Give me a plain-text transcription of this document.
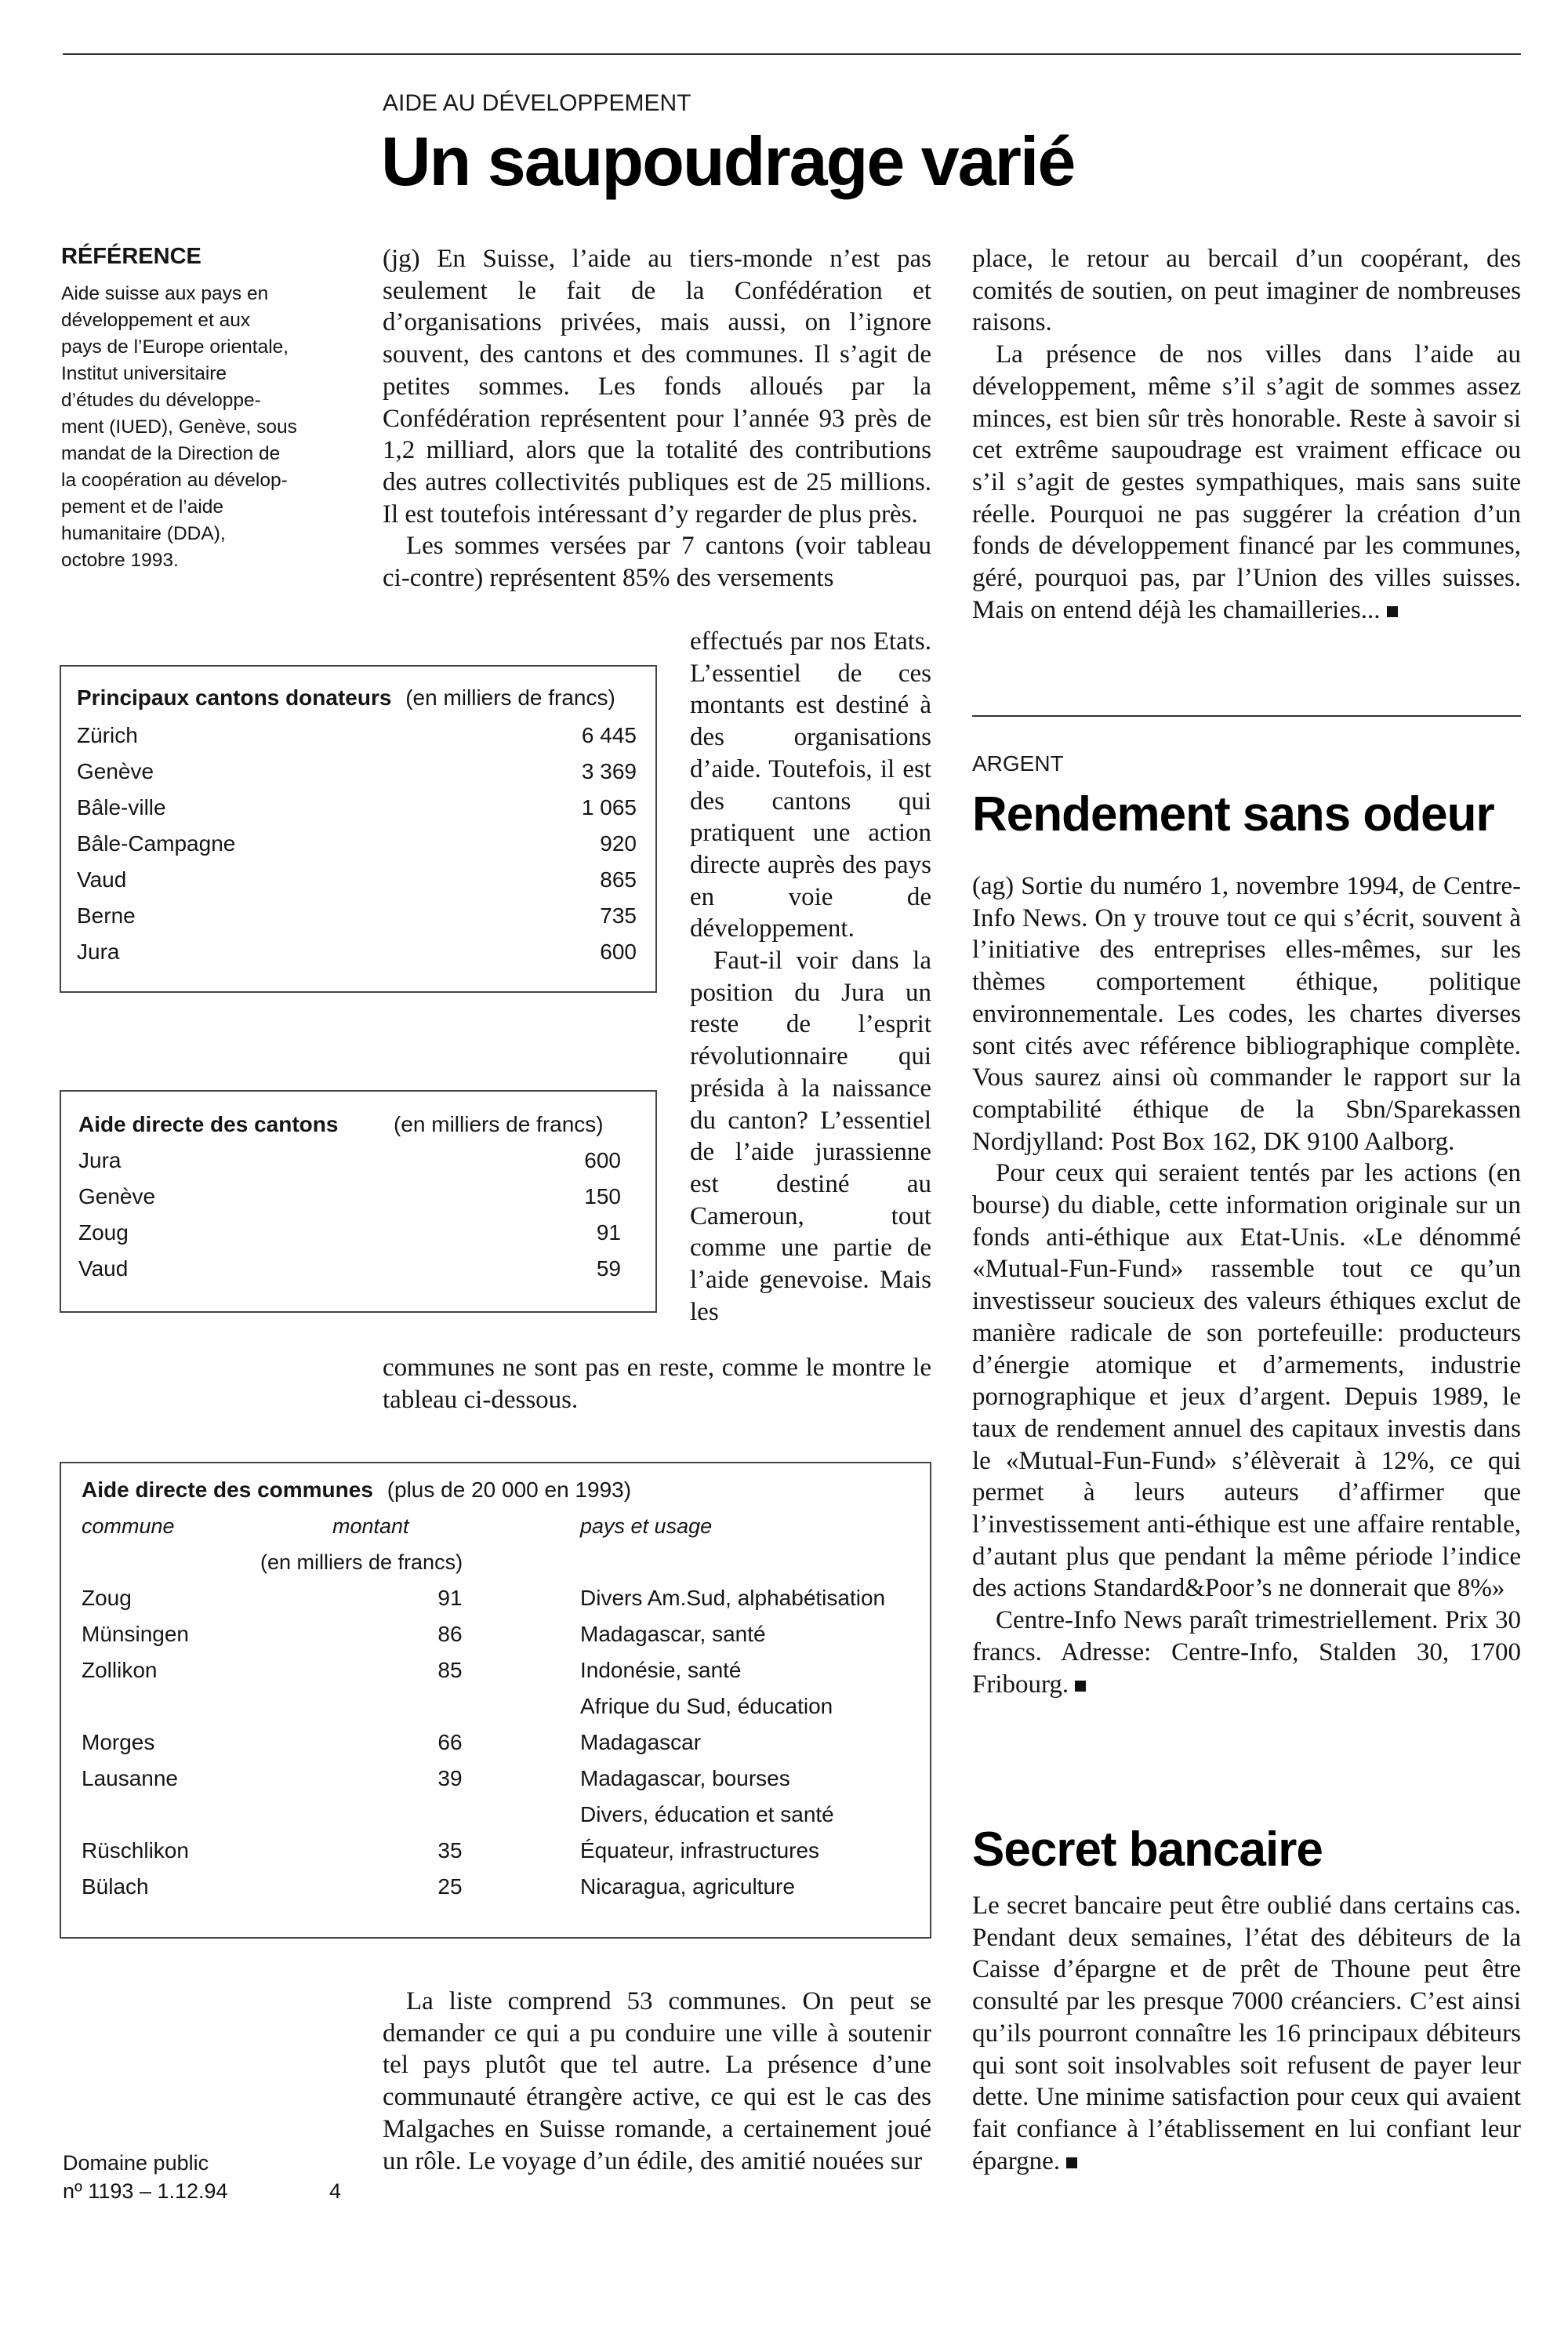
AIDE AU DÉVELOPPEMENT
Un saupoudrage varié
RÉFÉRENCE
Aide suisse aux pays en
développement et aux
pays de l’Europe orientale,
Institut universitaire
d’études du développe-
ment (IUED), Genève, sous
mandat de la Direction de
la coopération au dévelop-
pement et de l’aide
humanitaire (DDA),
octobre 1993.

(jg) En Suisse, l’aide au tiers-monde n’est pas seulement le fait de la Confédération et d’organisations privées, mais aussi, on l’ignore souvent, des cantons et des communes. Il s’agit de petites sommes. Les fonds alloués par la Confédération représentent pour l’année 93 près de 1,2 milliard, alors que la totalité des contributions des autres collectivités publiques est de 25 millions. Il est toutefois intéressant d’y regarder de plus près.

Les sommes versées par 7 cantons (voir tableau ci-contre) représentent 85% des versements

effectués par nos Etats. L’essentiel de ces montants est destiné à des organisations d’aide. Toutefois, il est des cantons qui pratiquent une action directe auprès des pays en voie de développement.

Faut-il voir dans la position du Jura un reste de l’esprit révolutionnaire qui présida à la naissance du canton? L’essentiel de l’aide jurassienne est destiné au Cameroun, tout comme une partie de l’aide genevoise. Mais les

communes ne sont pas en reste, comme le montre le tableau ci-dessous.

Principaux cantons donateurs (en milliers de francs)
Zürich	6 445
Genève	3 369
Bâle-ville	1 065
Bâle-Campagne	920
Vaud	865
Berne	735
Jura	600
Aide directe des cantons	(en milliers de francs)
Jura	600
Genève	150
Zoug	91
Vaud	59
Aide directe des communes (plus de 20 000 en 1993)
commune	montant	pays et usage
(en milliers de francs)
Zoug	91	Divers Am.Sud, alphabétisation
Münsingen	86	Madagascar, santé
Zollikon	85	Indonésie, santé
Afrique du Sud, éducation
Morges	66	Madagascar
Lausanne	39	Madagascar, bourses
Divers, éducation et santé
Rüschlikon	35	Équateur, infrastructures
Bülach	25	Nicaragua, agriculture

La liste comprend 53 communes. On peut se demander ce qui a pu conduire une ville à soutenir tel pays plutôt que tel autre. La présence d’une communauté étrangère active, ce qui est le cas des Malgaches en Suisse romande, a certainement joué un rôle. Le voyage d’un édile, des amitié nouées sur

place, le retour au bercail d’un coopérant, des comités de soutien, on peut imaginer de nombreuses raisons.

La présence de nos villes dans l’aide au développement, même s’il s’agit de sommes assez minces, est bien sûr très honorable. Reste à savoir si cet extrême saupoudrage est vraiment efficace ou s’il s’agit de gestes sympathiques, mais sans suite réelle. Pourquoi ne pas suggérer la création d’un fonds de développement financé par les communes, géré, pourquoi pas, par l’Union des villes suisses. Mais on entend déjà les chamailleries...

ARGENT
Rendement sans odeur

(ag) Sortie du numéro 1, novembre 1994, de Centre-Info News. On y trouve tout ce qui s’écrit, souvent à l’initiative des entreprises elles-mêmes, sur les thèmes comportement éthique, politique environnementale. Les codes, les chartes diverses sont cités avec référence bibliographique complète. Vous saurez ainsi où commander le rapport sur la comptabilité éthique de la Sbn/Sparekassen Nordjylland: Post Box 162, DK 9100 Aalborg.

Pour ceux qui seraient tentés par les actions (en bourse) du diable, cette information originale sur un fonds anti-éthique aux Etat-Unis. «Le dénommé «Mutual-Fun-Fund» rassemble tout ce qu’un investisseur soucieux des valeurs éthiques exclut de manière radicale de son portefeuille: producteurs d’énergie atomique et d’armements, industrie pornographique et jeux d’argent. Depuis 1989, le taux de rendement annuel des capitaux investis dans le «Mutual-Fun-Fund» s’élèverait à 12%, ce qui permet à leurs auteurs d’affirmer que l’investissement anti-éthique est une affaire rentable, d’autant plus que pendant la même période l’indice des actions Standard&Poor’s ne donnerait que 8%»

Centre-Info News paraît trimestriellement. Prix 30 francs. Adresse: Centre-Info, Stalden 30, 1700 Fribourg.

Secret bancaire

Le secret bancaire peut être oublié dans certains cas. Pendant deux semaines, l’état des débiteurs de la Caisse d’épargne et de prêt de Thoune peut être consulté par les presque 7000 créanciers. C’est ainsi qu’ils pourront connaître les 16 principaux débiteurs qui sont soit insolvables soit refusent de payer leur dette. Une minime satisfaction pour ceux qui avaient fait confiance à l’établissement en lui confiant leur épargne.

Domaine public
nº 1193 – 1.12.94	4
